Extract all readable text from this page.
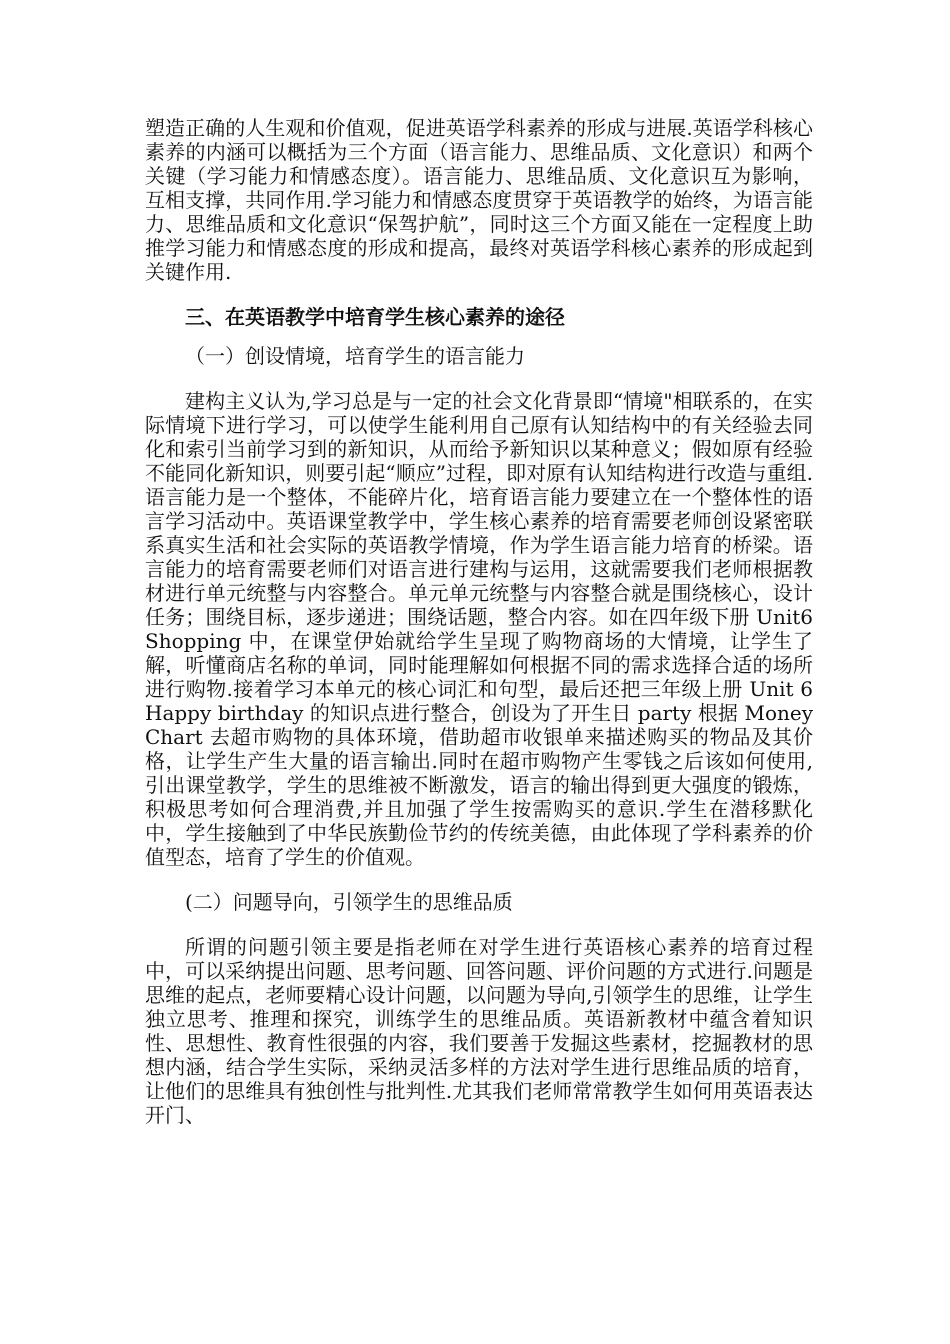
塑造正确的人生观和价值观，促进英语学科素养的形成与进展.英语学科核心素养的内涵可以概括为三个方面（语言能力、思维品质、文化意识）和两个关键（学习能力和情感态度）。语言能力、思维品质、文化意识互为影响，互相支撑，共同作用.学习能力和情感态度贯穿于英语教学的始终，为语言能力、思维品质和文化意识“保驾护航”，同时这三个方面又能在一定程度上助推学习能力和情感态度的形成和提高，最终对英语学科核心素养的形成起到关键作用.

三、在英语教学中培育学生核心素养的途径

（一）创设情境，培育学生的语言能力

建构主义认为,学习总是与一定的社会文化背景即“情境"相联系的，在实际情境下进行学习，可以使学生能利用自己原有认知结构中的有关经验去同化和索引当前学习到的新知识，从而给予新知识以某种意义；假如原有经验不能同化新知识，则要引起“顺应”过程，即对原有认知结构进行改造与重组.语言能力是一个整体，不能碎片化，培育语言能力要建立在一个整体性的语言学习活动中。英语课堂教学中，学生核心素养的培育需要老师创设紧密联系真实生活和社会实际的英语教学情境，作为学生语言能力培育的桥梁。语言能力的培育需要老师们对语言进行建构与运用，这就需要我们老师根据教材进行单元统整与内容整合。单元单元统整与内容整合就是围绕核心，设计任务；围绕目标，逐步递进；围绕话题，整合内容。如在四年级下册 Unit6 Shopping 中，在课堂伊始就给学生呈现了购物商场的大情境，让学生了解，听懂商店名称的单词，同时能理解如何根据不同的需求选择合适的场所进行购物.接着学习本单元的核心词汇和句型，最后还把三年级上册 Unit 6 Happy birthday 的知识点进行整合，创设为了开生日 party 根据 Money Chart 去超市购物的具体环境，借助超市收银单来描述购买的物品及其价格，让学生产生大量的语言输出.同时在超市购物产生零钱之后该如何使用,引出课堂教学，学生的思维被不断激发，语言的输出得到更大强度的锻炼，积极思考如何合理消费,并且加强了学生按需购买的意识.学生在潜移默化中，学生接触到了中华民族勤俭节约的传统美德，由此体现了学科素养的价值型态，培育了学生的价值观。

(二）问题导向，引领学生的思维品质

所谓的问题引领主要是指老师在对学生进行英语核心素养的培育过程中，可以采纳提出问题、思考问题、回答问题、评价问题的方式进行.问题是思维的起点，老师要精心设计问题，以问题为导向,引领学生的思维，让学生独立思考、推理和探究，训练学生的思维品质。英语新教材中蕴含着知识性、思想性、教育性很强的内容，我们要善于发掘这些素材，挖掘教材的思想内涵，结合学生实际，采纳灵活多样的方法对学生进行思维品质的培育，让他们的思维具有独创性与批判性.尤其我们老师常常教学生如何用英语表达开门、
